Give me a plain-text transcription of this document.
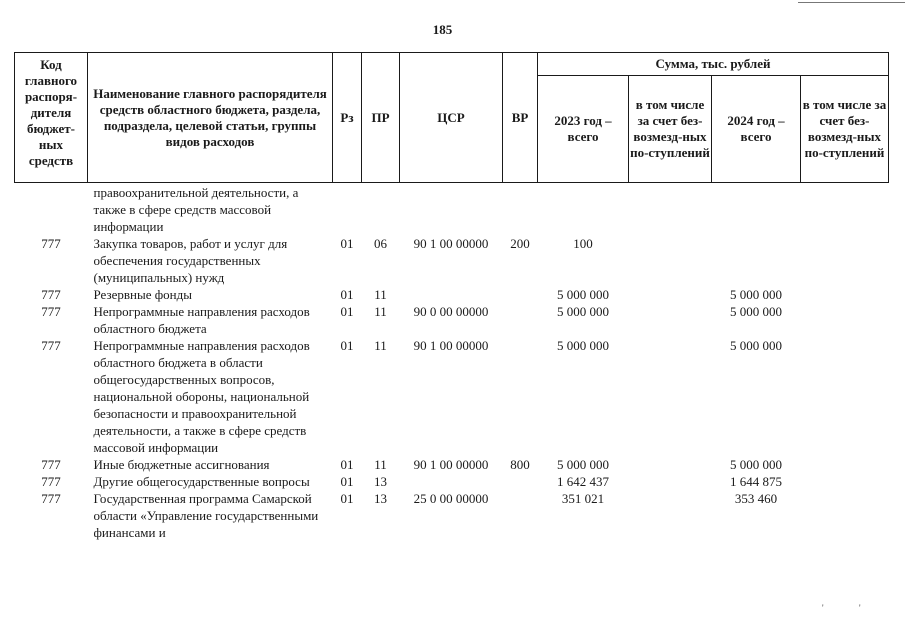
185
Код главного распоря-дителя бюджет-ных средств	Наименование главного распорядителя средств областного бюджета, раздела, подраздела, целевой статьи, группы видов расходов	Рз	ПР	ЦСР	ВР	Сумма, тыс. рублей			
						2023 год – всего	в том числе за счет без-возмезд-ных по-ступлений	2024 год – всего	в том числе за счет без-возмезд-ных по-ступлений
	правоохранительной деятельности, а также в сфере средств массовой информации								
777	Закупка товаров, работ и услуг для обеспечения государственных (муниципальных) нужд	01	06	90 1 00 00000	200	100			
777	Резервные фонды	01	11			5 000 000		5 000 000	
777	Непрограммные направления расходов областного бюджета	01	11	90 0 00 00000		5 000 000		5 000 000	
777	Непрограммные направления расходов областного бюджета в области общегосударственных вопросов, национальной обороны, национальной безопасности и правоохранительной деятельности, а также в сфере средств массовой информации	01	11	90 1 00 00000		5 000 000		5 000 000	
777	Иные бюджетные ассигнования	01	11	90 1 00 00000	800	5 000 000		5 000 000	
777	Другие общегосударственные вопросы	01	13			1 642 437		1 644 875	
777	Государственная программа Самарской области «Управление государственными финансами и	01	13	25 0 00 00000		351 021		353 460	
'	'
